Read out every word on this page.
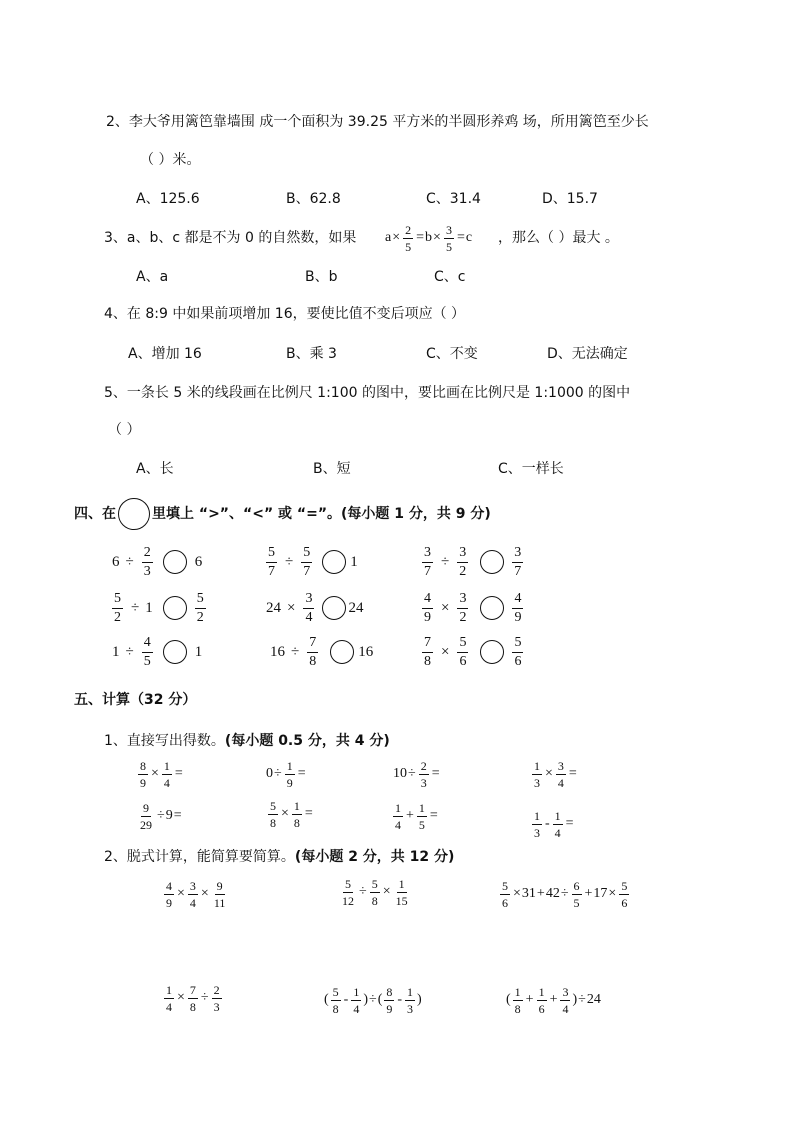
2、李大爷用篱笆靠墙围 成一个面积为 39.25 平方米的半圆形养鸡 场，所用篱笆至少长
（ ）米。
A、125.6	B、62.8	C、31.4	D、15.7
3、a、b、c 都是不为 0 的自然数，如果 $a \times \frac{2}{5} = b \times \frac{3}{5} = c$ ，那么（ ）最大 。
A、a	B、b	C、c
4、在 8:9 中如果前项增加 16，要使比值不变后项应（ ）
A、增加 16	B、乘 3	C、不变	D、无法确定
5、一条长 5 米的线段画在比例尺 1:100 的图中，要比画在比例尺是 1:1000 的图中
（ ）
A、长	B、短	C、一样长
四、在	里填上 “>”、“<” 或 “=”。(每小题 1 分，共 9 分)
$6 \div \frac{2}{3}$	6	$\frac{5}{7} \div \frac{5}{7}$	1	$\frac{3}{7} \div \frac{3}{2}$	$\frac{3}{7}$
$\frac{5}{2} \div 1$	$\frac{5}{2}$	$24 \times \frac{3}{4} 24$	$\frac{4}{9} \times \frac{3}{2}$	$\frac{4}{9}$
$1 \div \frac{4}{5}$	1	$16 \div \frac{7}{8}$	16	$\frac{7}{8} \times \frac{5}{6}$	$\frac{5}{6}$
五、计算（32 分）
1、直接写出得数。(每小题 0.5 分，共 4 分)
$\frac{8}{9} \times \frac{1}{4}$ =	$0 \div \frac{1}{9}$ =	$10 \div \frac{2}{3}$ =	$\frac{1}{3} \times \frac{3}{4}$ =
$\frac{9}{29} \div 9$ =	$\frac{5}{8} \times \frac{1}{8}$ =	$\frac{1}{4} + \frac{1}{5}$ =	$\frac{1}{3} - \frac{1}{4}$ =
2、脱式计算，能简算要简算。(每小题 2 分，共 12 分)
$\frac{4}{9} \times \frac{3}{4} \times \frac{9}{11}$	$\frac{5}{12} \div \frac{5}{8} \times \frac{1}{15}$	$\frac{5}{6} \times 31 + 42 \div \frac{6}{5} + 17 \times \frac{5}{6}$
$\frac{1}{4} \times \frac{7}{8} \div \frac{2}{3}$	( $\frac{5}{8} - \frac{1}{4}$ ) ÷ ( $\frac{8}{9} - \frac{1}{3}$ )	( $\frac{1}{8} + \frac{1}{6} + \frac{3}{4}$ ) ÷ 24
